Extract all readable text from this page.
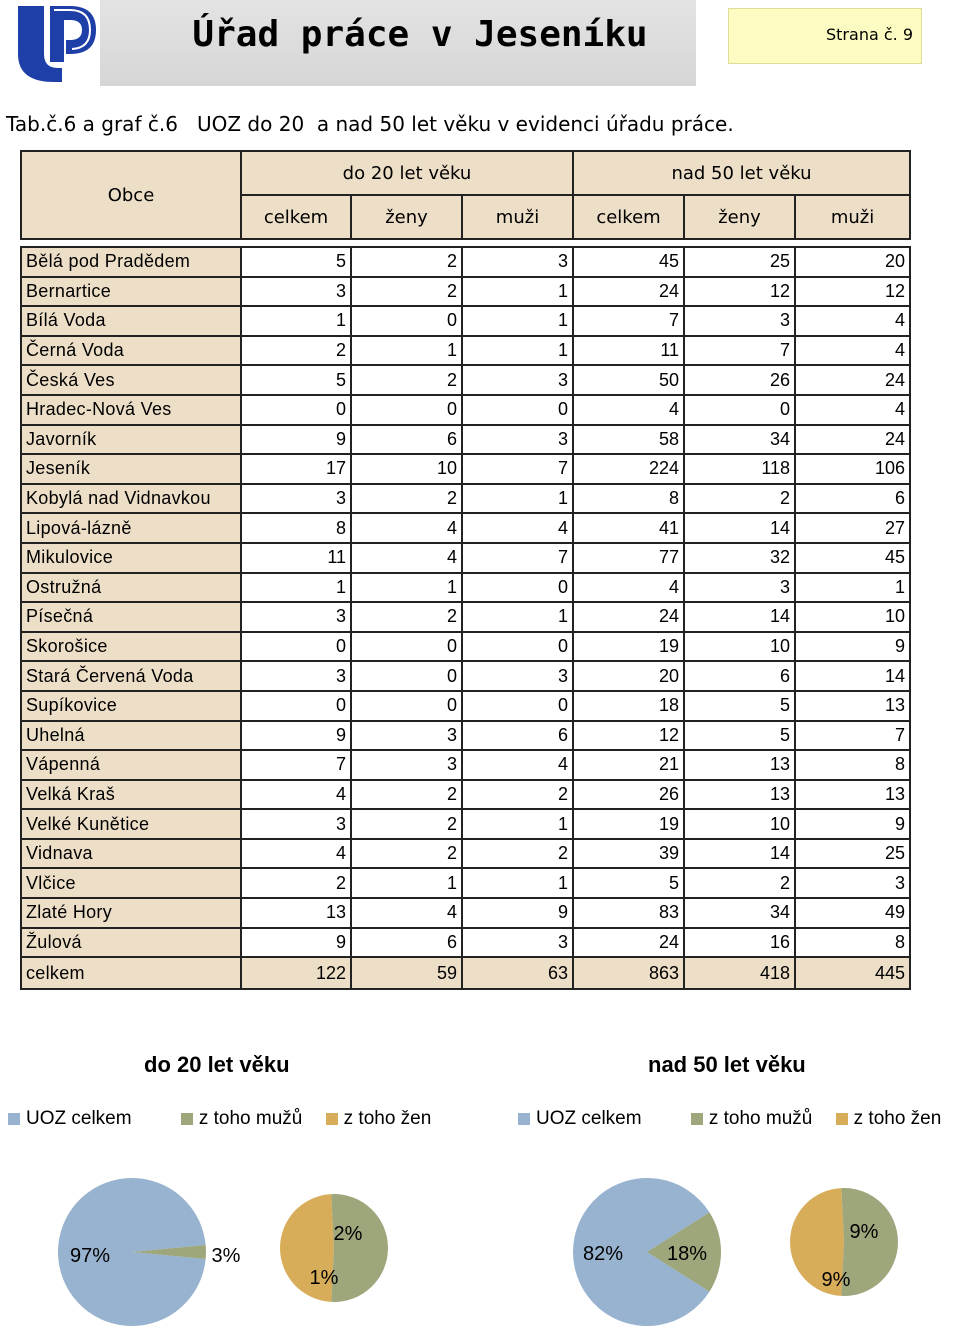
Úřad práce v Jeseníku	Strana č. 9
Tab.č.6 a graf č.6   UOZ do 20  a nad 50 let věku v evidenci úřadu práce.
Obce	do 20 let věku			nad 50 let věku		
	celkem	ženy	muži	celkem	ženy	muži

Bělá pod Pradědem	5	2	3	45	25	20
Bernartice	3	2	1	24	12	12
Bílá Voda	1	0	1	7	3	4
Černá Voda	2	1	1	11	7	4
Česká Ves	5	2	3	50	26	24
Hradec-Nová Ves	0	0	0	4	0	4
Javorník	9	6	3	58	34	24
Jeseník	17	10	7	224	118	106
Kobylá nad Vidnavkou	3	2	1	8	2	6
Lipová-lázně	8	4	4	41	14	27
Mikulovice	11	4	7	77	32	45
Ostružná	1	1	0	4	3	1
Písečná	3	2	1	24	14	10
Skorošice	0	0	0	19	10	9
Stará Červená Voda	3	0	3	20	6	14
Supíkovice	0	0	0	18	5	13
Uhelná	9	3	6	12	5	7
Vápenná	7	3	4	21	13	8
Velká Kraš	4	2	2	26	13	13
Velké Kunětice	3	2	1	19	10	9
Vidnava	4	2	2	39	14	25
Vlčice	2	1	1	5	2	3
Zlaté Hory	13	4	9	83	34	49
Žulová	9	6	3	24	16	8
celkem	122	59	63	863	418	445
do 20 let věku	nad 50 let věku
UOZ celkem	z toho mužů z toho žen	UOZ celkem	z toho mužů z toho žen
97%	3%
2%
1%
82% 18%
9%
9%
